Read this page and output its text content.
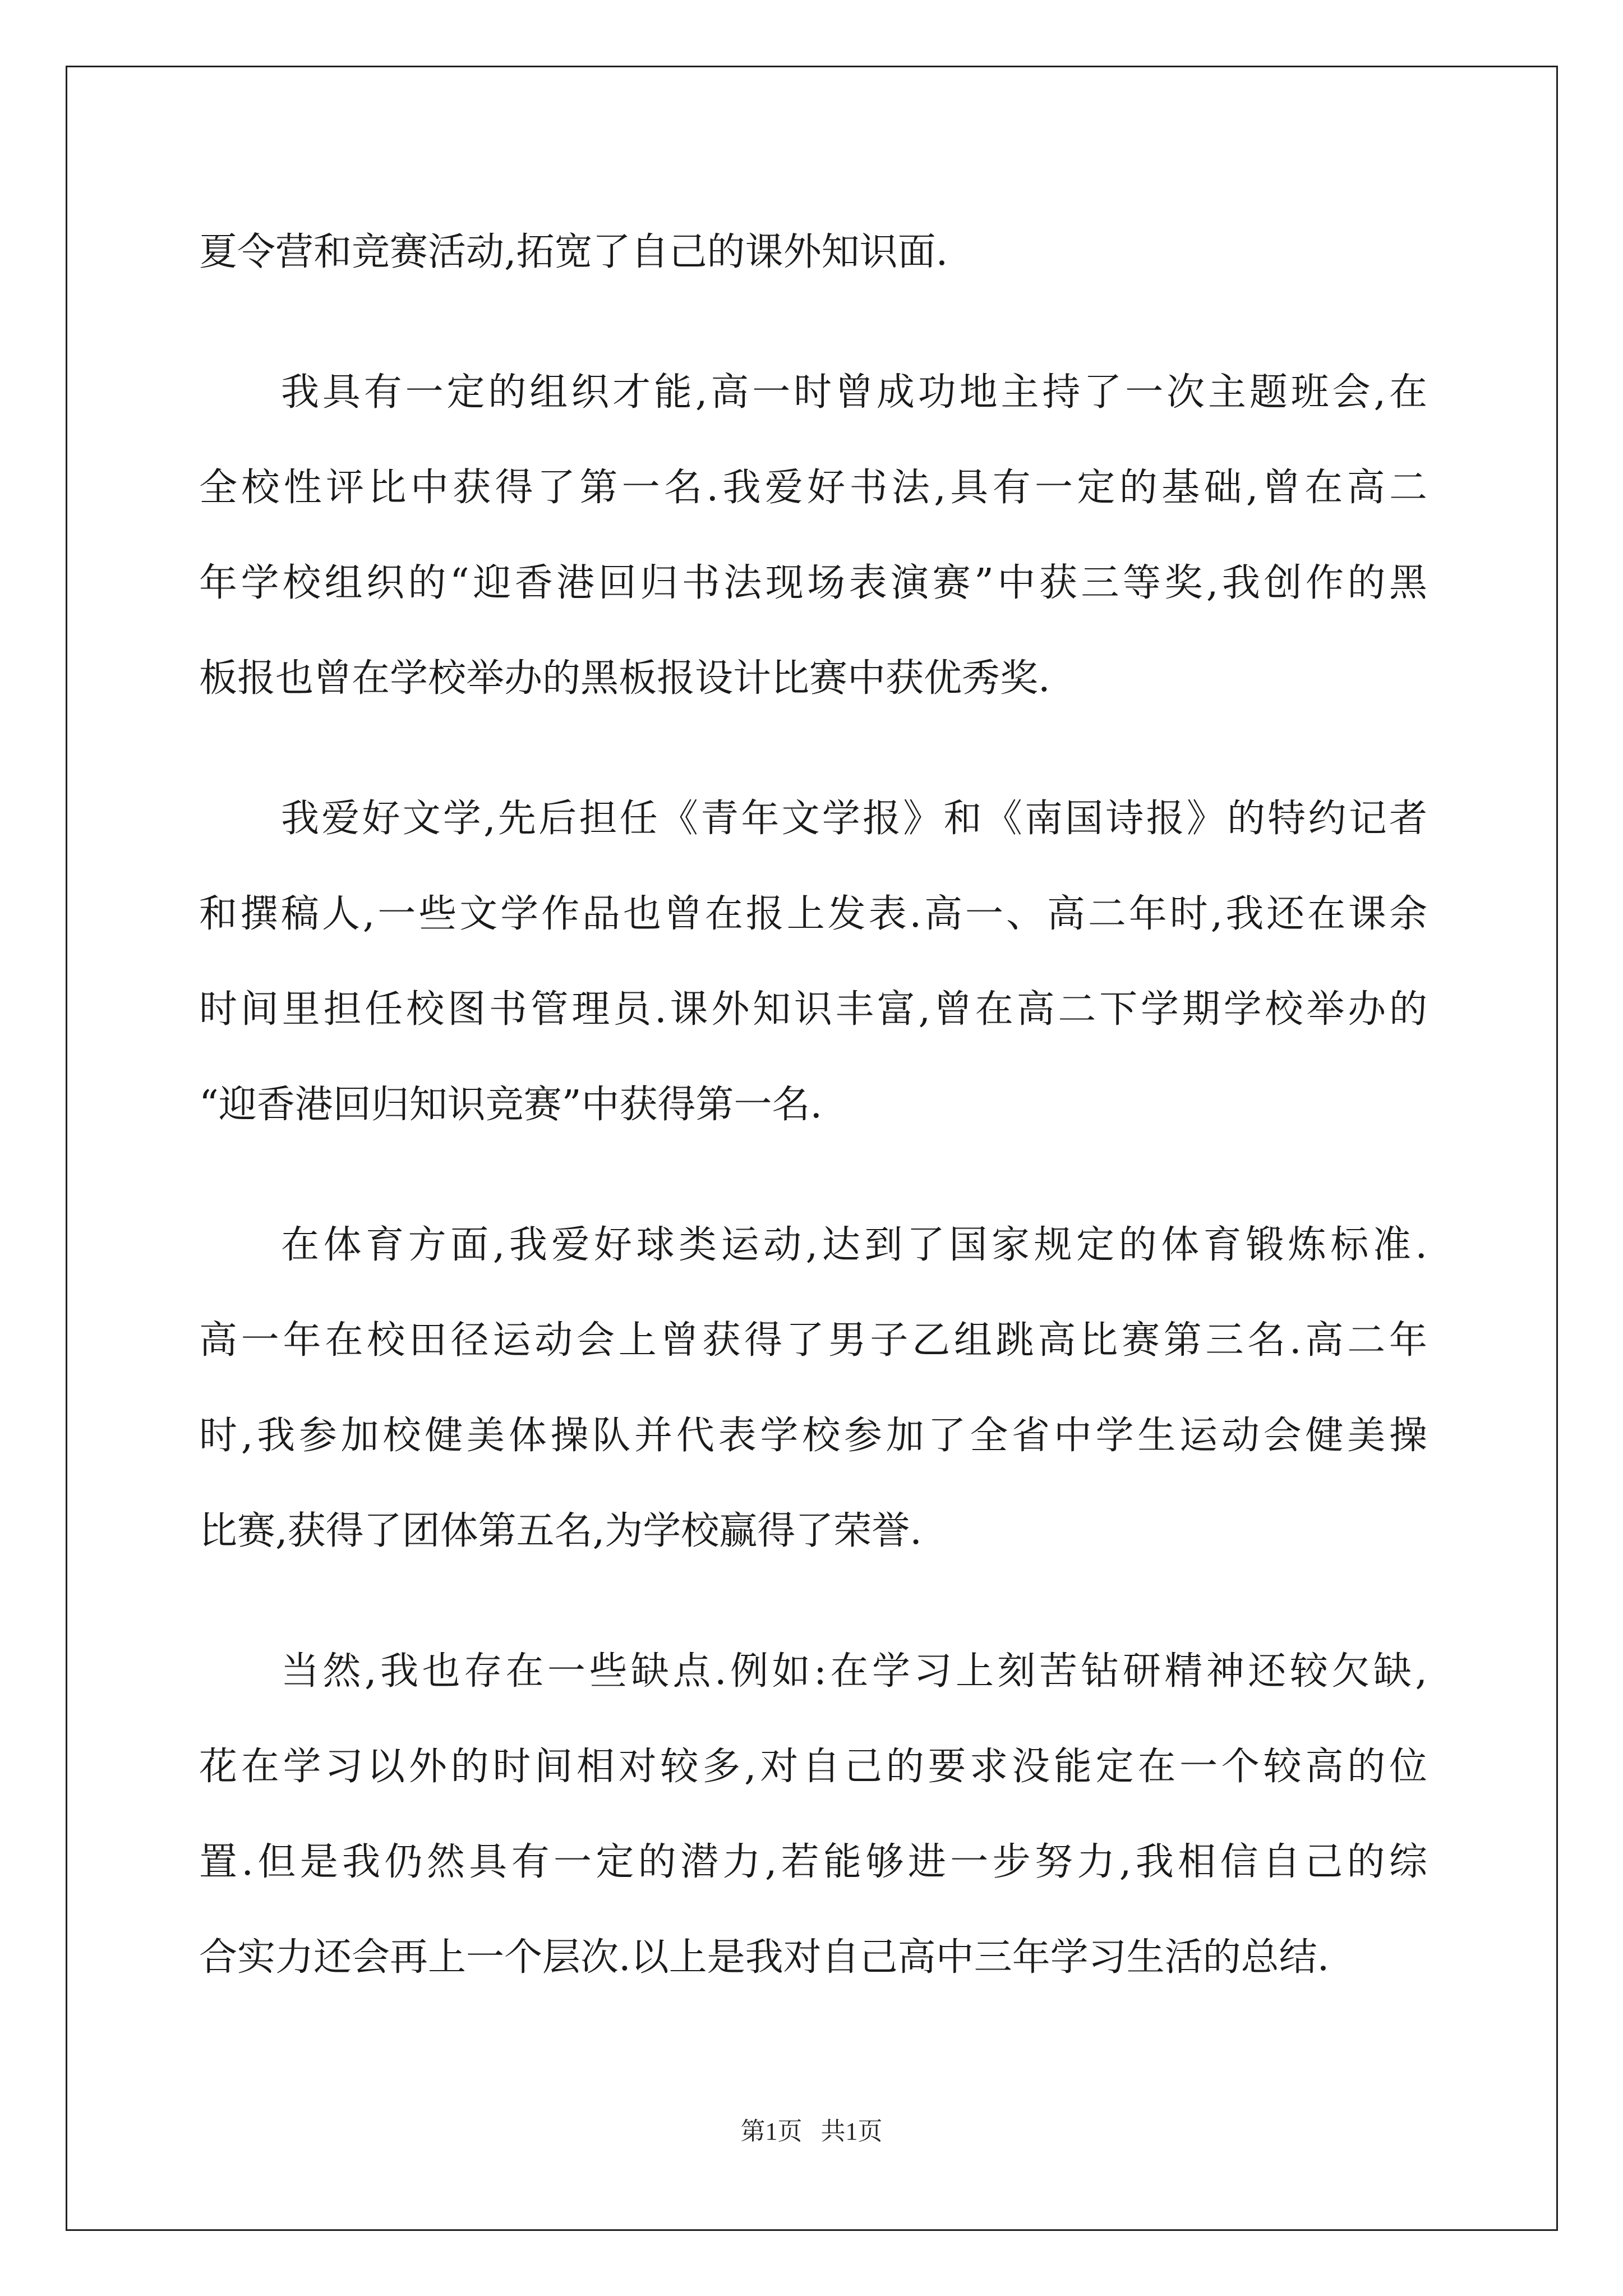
夏令营和竞赛活动,拓宽了自己的课外知识面.
我具有一定的组织才能,高一时曾成功地主持了一次主题班会,在
全校性评比中获得了第一名.我爱好书法,具有一定的基础,曾在高二
年学校组织的“迎香港回归书法现场表演赛”中获三等奖,我创作的黑
板报也曾在学校举办的黑板报设计比赛中获优秀奖.
我爱好文学,先后担任《青年文学报》和《南国诗报》的特约记者
和撰稿人,一些文学作品也曾在报上发表.高一、高二年时,我还在课余
时间里担任校图书管理员.课外知识丰富,曾在高二下学期学校举办的
“迎香港回归知识竞赛”中获得第一名.
在体育方面,我爱好球类运动,达到了国家规定的体育锻炼标准.
高一年在校田径运动会上曾获得了男子乙组跳高比赛第三名.高二年
时,我参加校健美体操队并代表学校参加了全省中学生运动会健美操
比赛,获得了团体第五名,为学校赢得了荣誉.
当然,我也存在一些缺点.例如:在学习上刻苦钻研精神还较欠缺,
花在学习以外的时间相对较多,对自己的要求没能定在一个较高的位
置.但是我仍然具有一定的潜力,若能够进一步努力,我相信自己的综
合实力还会再上一个层次.以上是我对自己高中三年学习生活的总结.
第1页   共1页
